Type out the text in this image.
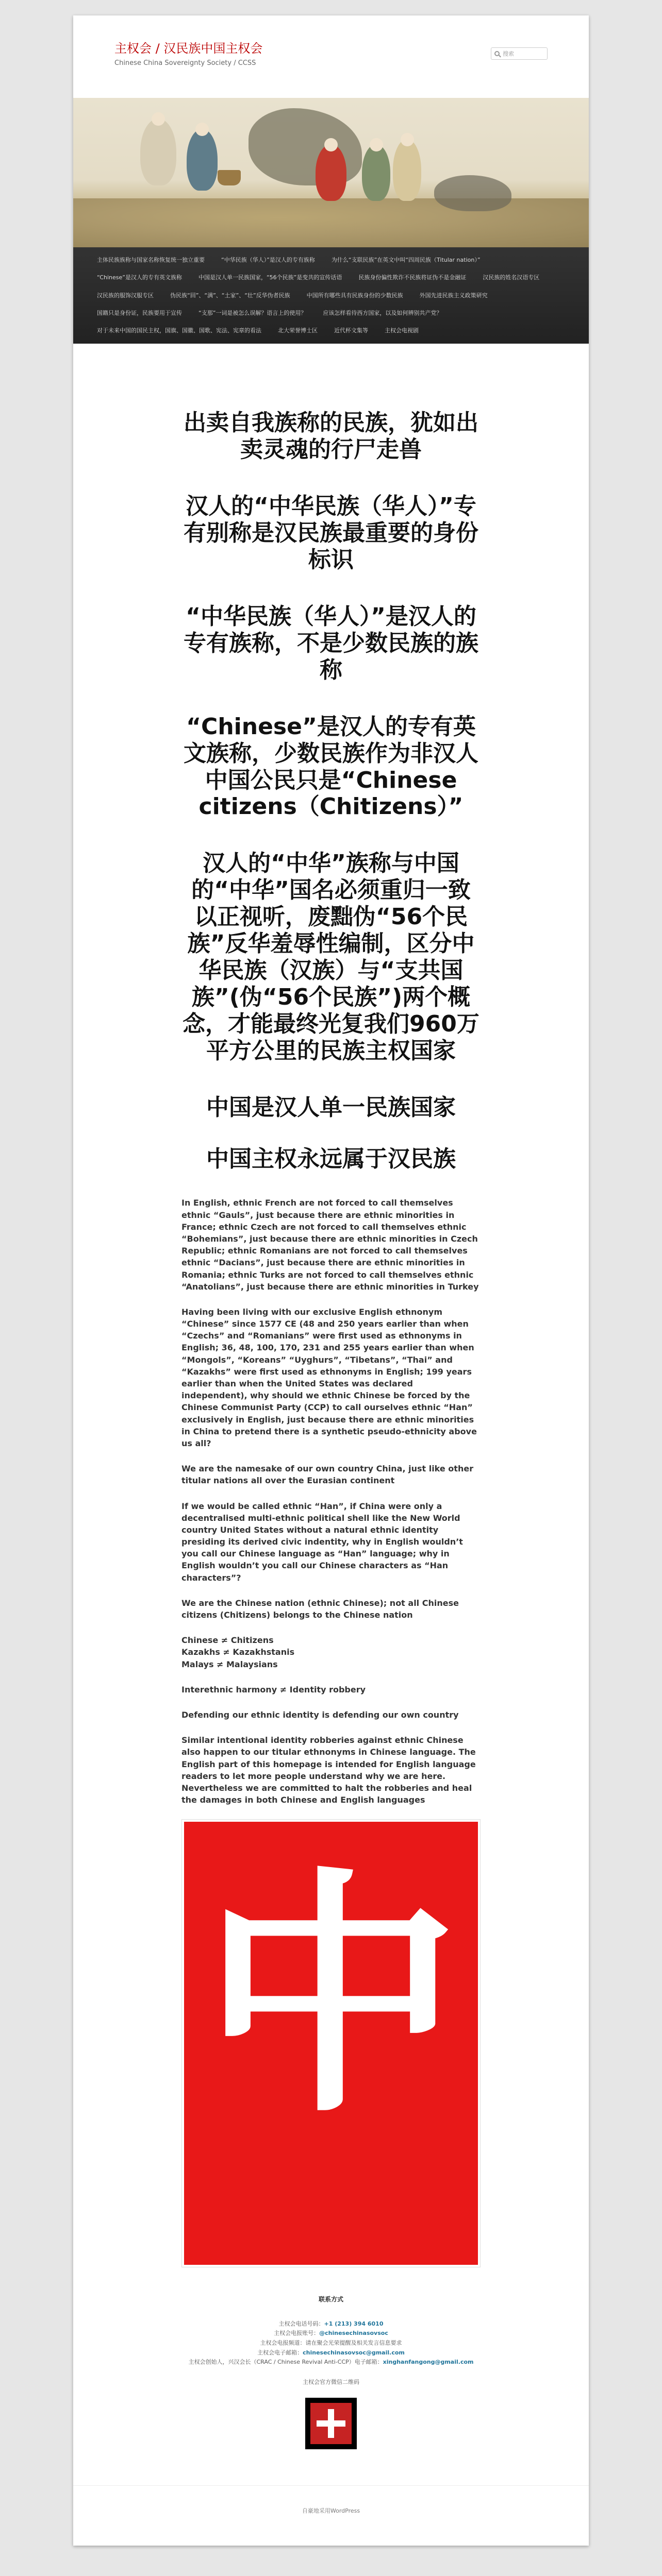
主权会 / 汉民族中国主权会
Chinese China Sovereignty Society / CCSS
搜索
主体民族族称与国家名称恢复统一独立重要	“中华民族（华人）”是汉人的专有族称	为什么“支联民族”在英文中叫“四周民族（Titular nation）”
“Chinese”是汉人的专有英文族称	中国是汉人单一民族国家，“56个民族”是变共的宣传话语	民族身份偏性欺诈不民族将证伪不是金融证	汉民族的姓名汉语专区
汉民族的服饰汉服专区	伪民族“回”、“满”、“土家”、“壮”反华伪者民族	中国所有哪些具有民族身份的少数民族	外国先进民族主义政策研究
国籍只是身份证，民族要用于宣传	“支那”一词是被怎么误解？语言上的使用？	应该怎样看待西方国家，以及如何辨别共产党？
对于未来中国的国民主权，国旗、国徽、国歌、宪法、宪章的看法	北大荣誉博士区	近代杯文集等	主权会电视剧
出卖自我族称的民族，犹如出卖灵魂的行尸走兽
汉人的“中华民族（华人）”专有别称是汉民族最重要的身份标识
“中华民族（华人）”是汉人的专有族称，不是少数民族的族称
“Chinese”是汉人的专有英文族称，少数民族作为非汉人中国公民只是“Chinese citizens（Chitizens）”
汉人的“中华”族称与中国的“中华”国名必须重归一致以正视听，废黜伪“56个民族”反华羞辱性编制，区分中华民族（汉族）与“支共国族”(伪“56个民族”)两个概念，才能最终光复我们960万平方公里的民族主权国家
中国是汉人单一民族国家
中国主权永远属于汉民族

In English, ethnic French are not forced to call themselves ethnic “Gauls”, just because there are ethnic minorities in France; ethnic Czech are not forced to call themselves ethnic “Bohemians”, just because there are ethnic minorities in Czech Republic; ethnic Romanians are not forced to call themselves ethnic “Dacians”, just because there are ethnic minorities in Romania; ethnic Turks are not forced to call themselves ethnic “Anatolians”, just because there are ethnic minorities in Turkey

Having been living with our exclusive English ethnonym “Chinese” since 1577 CE (48 and 250 years earlier than when “Czechs” and “Romanians” were first used as ethnonyms in English; 36, 48, 100, 170, 231 and 255 years earlier than when “Mongols”, “Koreans” “Uyghurs”, “Tibetans”, “Thai” and “Kazakhs” were first used as ethnonyms in English; 199 years earlier than when the United States was declared independent), why should we ethnic Chinese be forced by the Chinese Communist Party (CCP) to call ourselves ethnic “Han” exclusively in English, just because there are ethnic minorities in China to pretend there is a synthetic pseudo-ethnicity above us all?

We are the namesake of our own country China, just like other titular nations all over the Eurasian continent

If we would be called ethnic “Han”, if China were only a decentralised multi-ethnic political shell like the New World country United States without a natural ethnic identity presiding its derived civic indentity, why in English wouldn’t you call our Chinese language as “Han” language; why in English wouldn’t you call our Chinese characters as “Han characters”?

We are the Chinese nation (ethnic Chinese); not all Chinese citizens (Chitizens) belongs to the Chinese nation

Chinese ≠ Chitizens
Kazakhs ≠ Kazakhstanis
Malays ≠ Malaysians

Interethnic harmony ≠ Identity robbery

Defending our ethnic identity is defending our own country

Similar intentional identity robberies against ethnic Chinese also happen to our titular ethnonyms in Chinese language. The English part of this homepage is intended for English language readers to let more people understand why we are here. Nevertheless we are committed to halt the robberies and heal the damages in both Chinese and English languages

中
联系方式
主权会电话号码：+1 (213) 394 6010
主权会电报账号：@chinesechinasovsoc
主权会电报频道：请在聚会光荣提醒及相关发言信息要求
主权会电子邮箱：chinesechinasovsoc@gmail.com
主权会创始人，兴汉会长（CRAC / Chinese Revival Anti-CCP）电子邮箱：xinghanfangong@gmail.com
主权会官方微信二维码
自豪地采用WordPress
